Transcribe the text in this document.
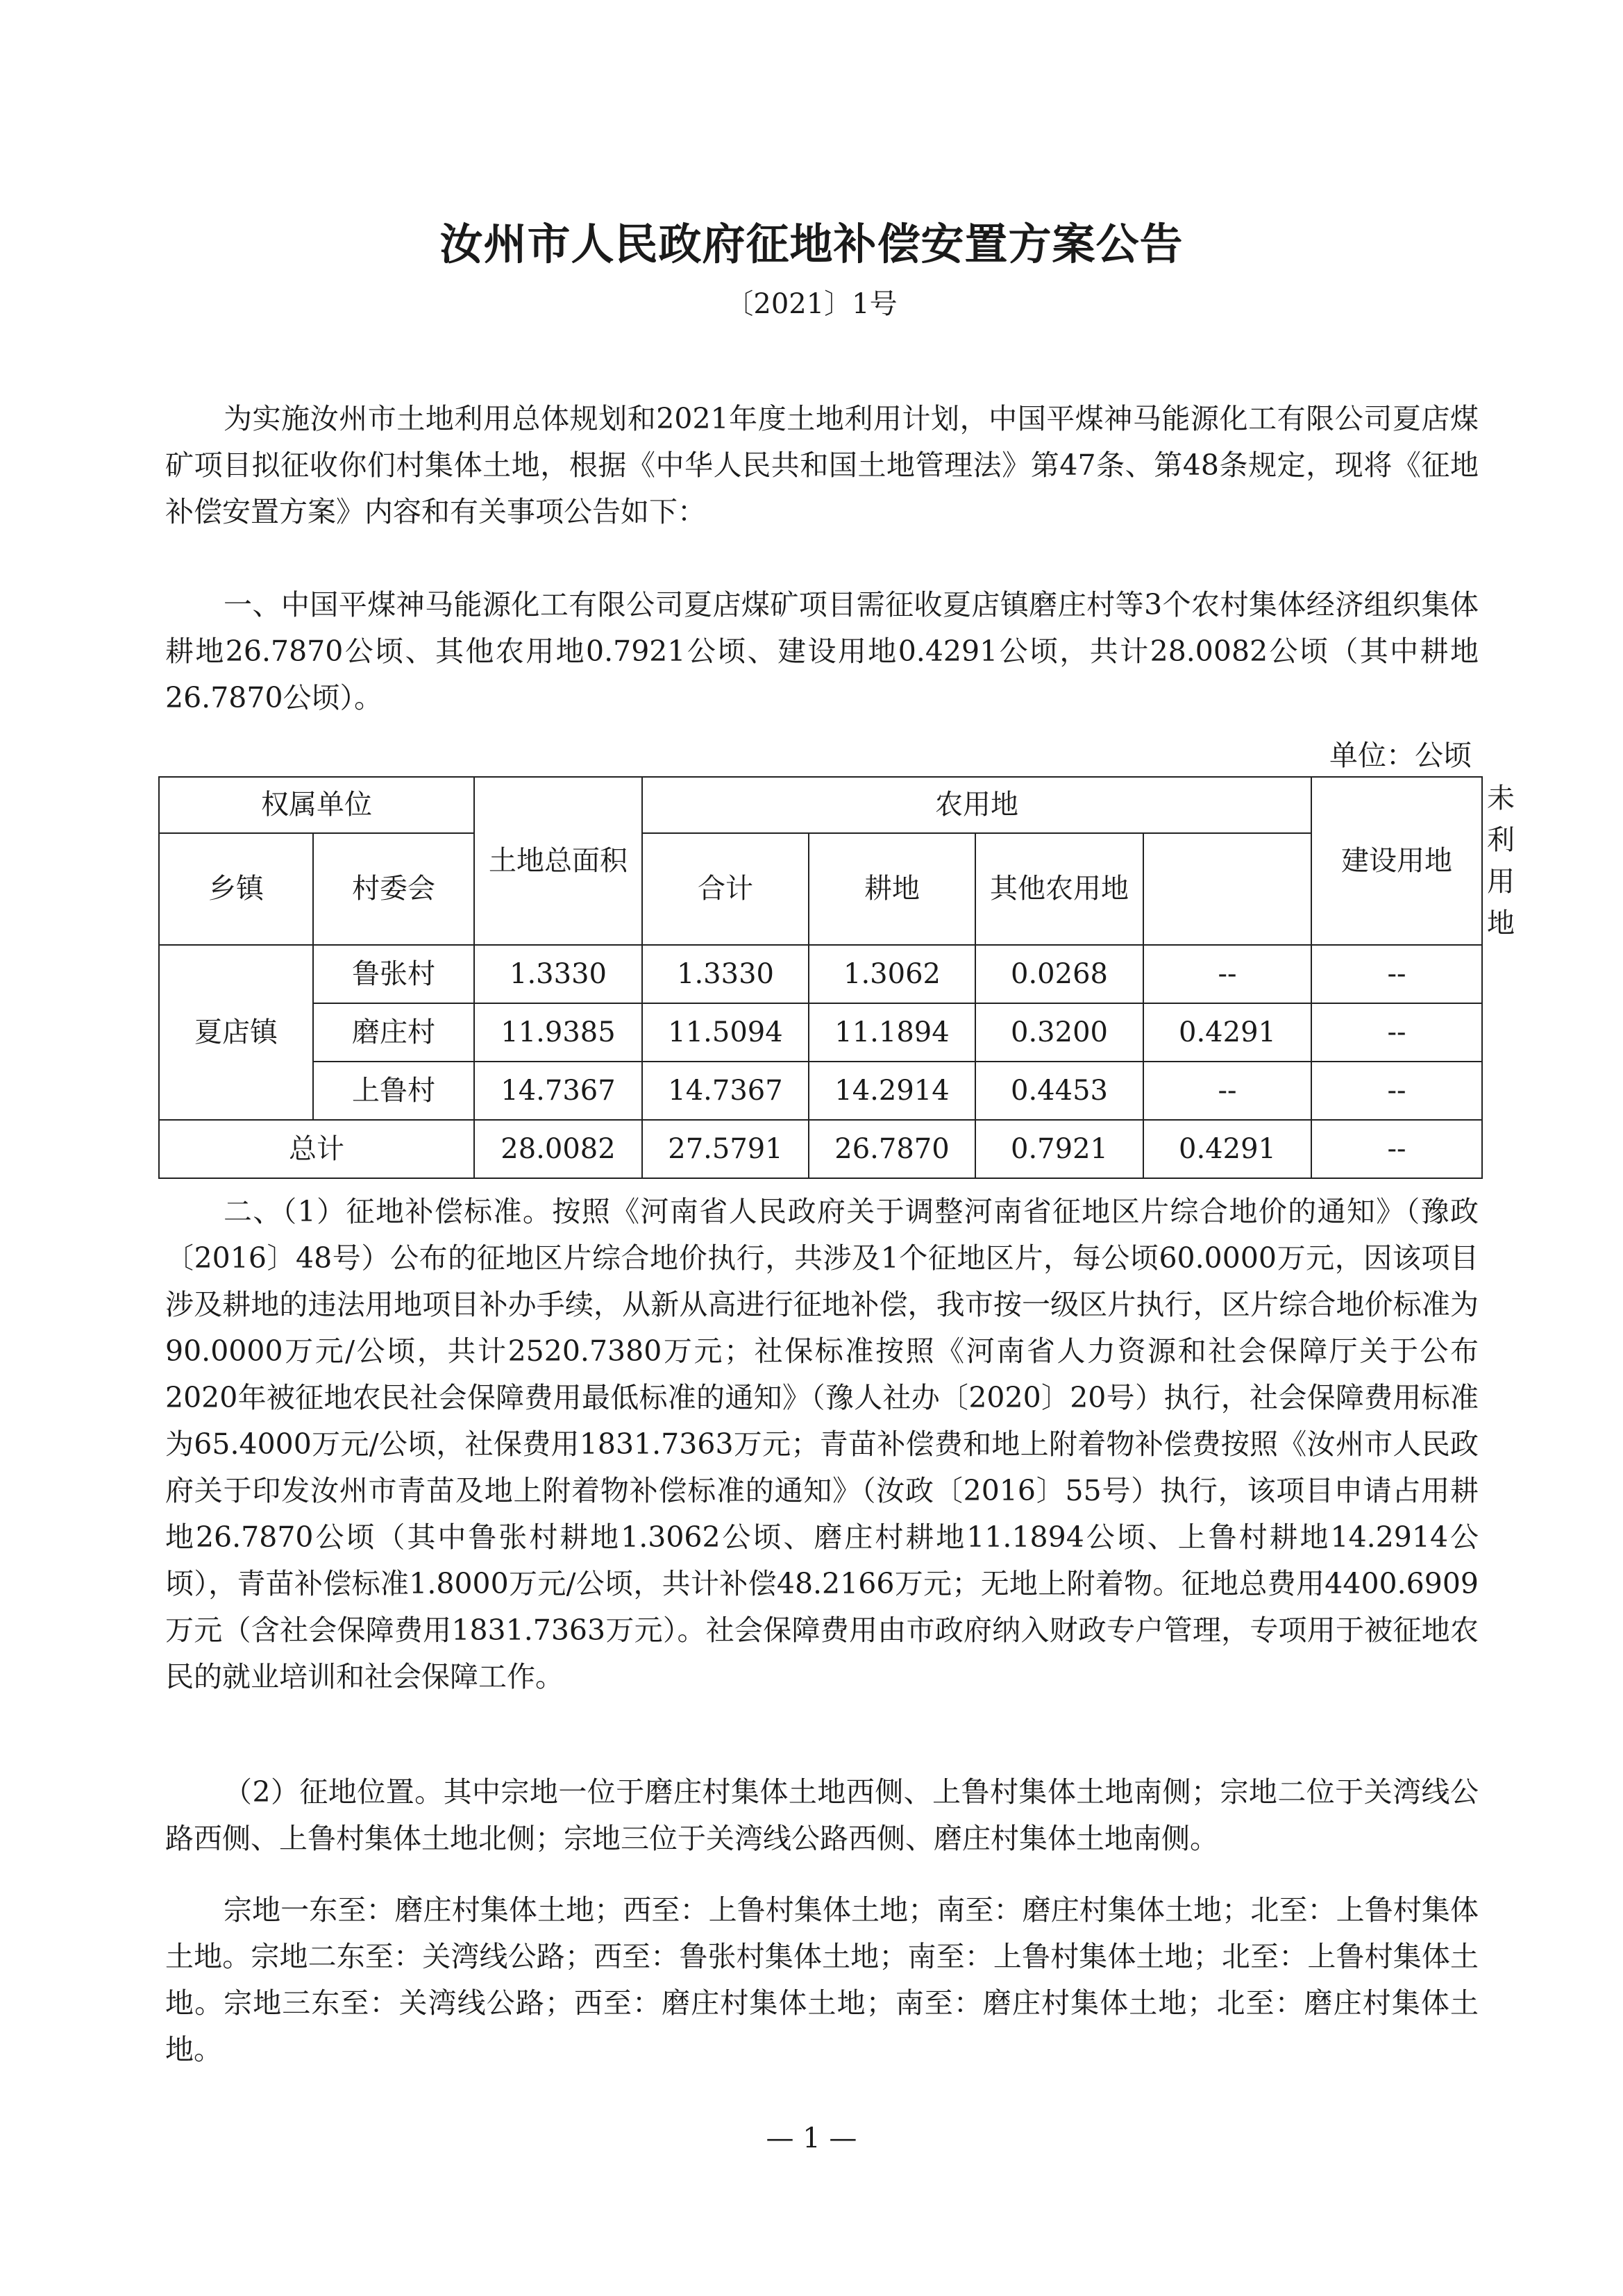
汝州市人民政府征地补偿安置方案公告
〔2021〕1号

为实施汝州市土地利用总体规划和2021年度土地利用计划，中国平煤神马能源化工有限公司夏店煤矿项目拟征收你们村集体土地，根据《中华人民共和国土地管理法》第47条、第48条规定，现将《征地补偿安置方案》内容和有关事项公告如下：

一、中国平煤神马能源化工有限公司夏店煤矿项目需征收夏店镇磨庄村等3个农村集体经济组织集体耕地26.7870公顷、其他农用地0.7921公顷、建设用地0.4291公顷，共计28.0082公顷（其中耕地26.7870公顷）。

单位：公顷
权属单位		土地总面积	农用地				建设用地	未利用地
乡镇	村委会		合计	耕地	其他农用地			
夏店镇	鲁张村	1.3330	1.3330	1.3062	0.0268	--	--	
	磨庄村	11.9385	11.5094	11.1894	0.3200	0.4291	--	
	上鲁村	14.7367	14.7367	14.2914	0.4453	--	--	
总计		28.0082	27.5791	26.7870	0.7921	0.4291	--	

二、（1）征地补偿标准。按照《河南省人民政府关于调整河南省征地区片综合地价的通知》（豫政〔2016〕48号）公布的征地区片综合地价执行，共涉及1个征地区片，每公顷60.0000万元，因该项目涉及耕地的违法用地项目补办手续，从新从高进行征地补偿，我市按一级区片执行，区片综合地价标准为90.0000万元/公顷，共计2520.7380万元；社保标准按照《河南省人力资源和社会保障厅关于公布2020年被征地农民社会保障费用最低标准的通知》（豫人社办〔2020〕20号）执行，社会保障费用标准为65.4000万元/公顷，社保费用1831.7363万元；青苗补偿费和地上附着物补偿费按照《汝州市人民政府关于印发汝州市青苗及地上附着物补偿标准的通知》（汝政〔2016〕55号）执行，该项目申请占用耕地26.7870公顷（其中鲁张村耕地1.3062公顷、磨庄村耕地11.1894公顷、上鲁村耕地14.2914公顷），青苗补偿标准1.8000万元/公顷，共计补偿48.2166万元；无地上附着物。征地总费用4400.6909万元（含社会保障费用1831.7363万元）。社会保障费用由市政府纳入财政专户管理，专项用于被征地农民的就业培训和社会保障工作。

（2）征地位置。其中宗地一位于磨庄村集体土地西侧、上鲁村集体土地南侧；宗地二位于关湾线公路西侧、上鲁村集体土地北侧；宗地三位于关湾线公路西侧、磨庄村集体土地南侧。

宗地一东至：磨庄村集体土地；西至：上鲁村集体土地；南至：磨庄村集体土地；北至：上鲁村集体土地。宗地二东至：关湾线公路；西至：鲁张村集体土地；南至：上鲁村集体土地；北至：上鲁村集体土地。宗地三东至：关湾线公路；西至：磨庄村集体土地；南至：磨庄村集体土地；北至：磨庄村集体土地。

— 1 —
